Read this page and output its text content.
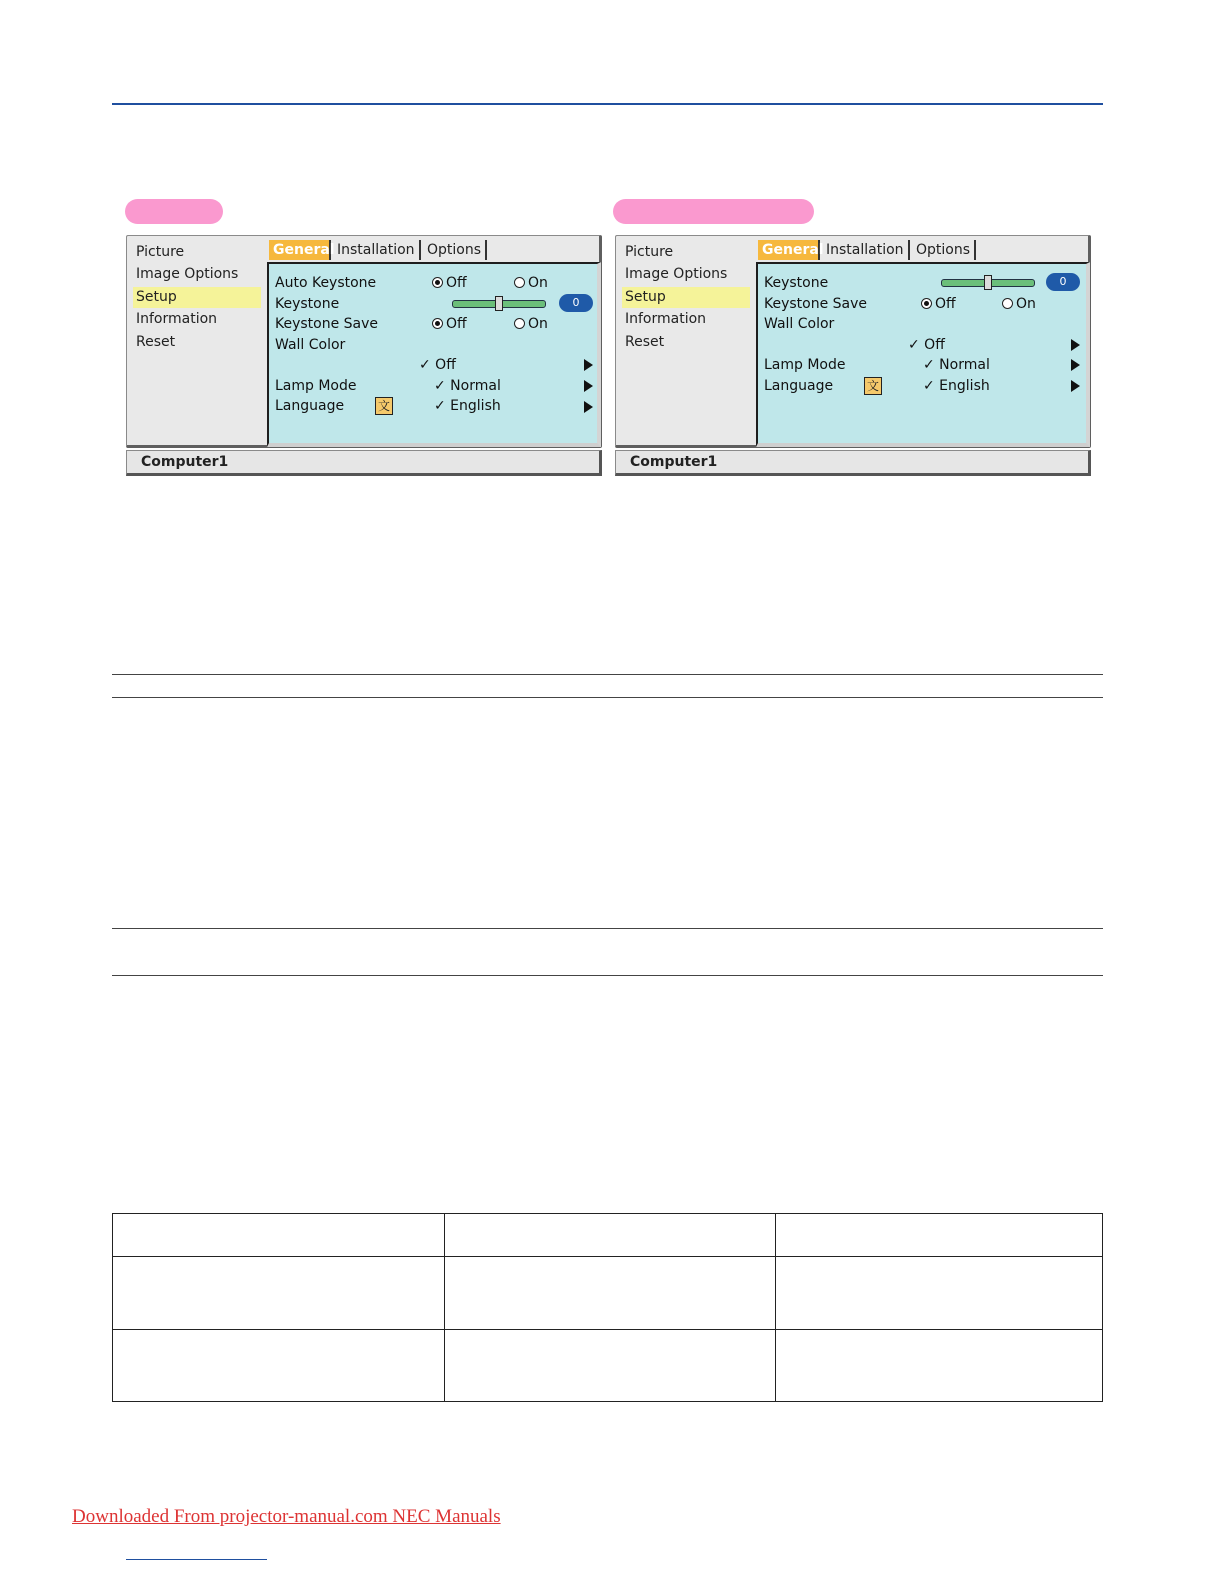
Picture
Image Options
Setup
Information
Reset
General Installation Options
Auto Keystone	Off	On
Keystone	0
Keystone Save	Off	On
Wall Color
✓ Off
Lamp Mode	✓ Normal
Language	文	✓ English
Computer1
Picture
Image Options
Setup
Information
Reset
General Installation Options
Keystone	0
Keystone Save	Off	On
Wall Color
✓ Off
Lamp Mode	✓ Normal
Language	文	✓ English
Computer1

Downloaded From projector-manual.com NEC Manuals
